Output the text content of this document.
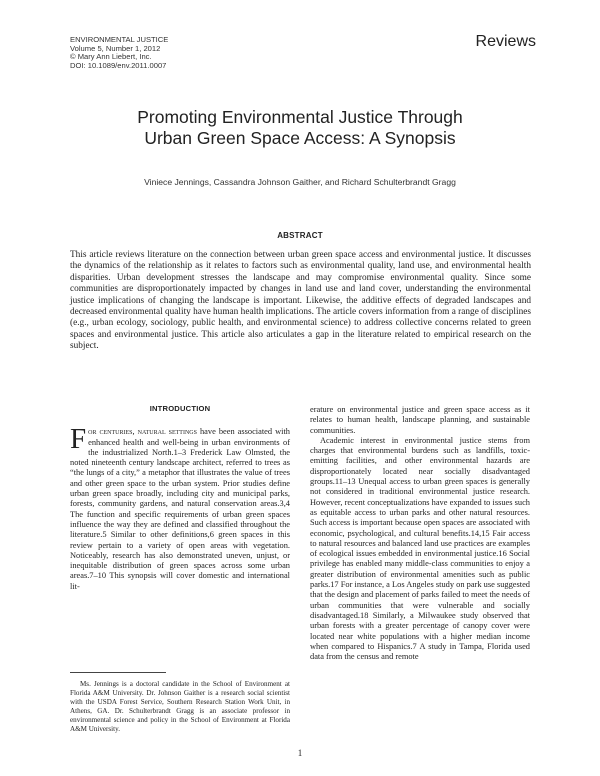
ENVIRONMENTAL JUSTICE
Volume 5, Number 1, 2012
© Mary Ann Liebert, Inc.
DOI: 10.1089/env.2011.0007
Reviews
Promoting Environmental Justice Through
Urban Green Space Access: A Synopsis
Viniece Jennings, Cassandra Johnson Gaither, and Richard Schulterbrandt Gragg
ABSTRACT

This article reviews literature on the connection between urban green space access and environmental justice. It discusses the dynamics of the relationship as it relates to factors such as environmental quality, land use, and environmental health disparities. Urban development stresses the landscape and may compromise environmental quality. Since some communities are disproportionately impacted by changes in land use and land cover, understanding the environmental justice implications of changing the landscape is important. Likewise, the additive effects of degraded landscapes and decreased environmental quality have human health implications. The article covers information from a range of disciplines (e.g., urban ecology, sociology, public health, and environmental science) to address collective concerns related to green spaces and environmental justice. This article also articulates a gap in the literature related to empirical research on the subject.

INTRODUCTION

For centuries, natural settings have been associated with enhanced health and well-being in urban environments of the industrialized North.1–3 Frederick Law Olmsted, the noted nineteenth century landscape architect, referred to trees as “the lungs of a city,” a metaphor that illustrates the value of trees and other green space to the urban system. Prior studies define urban green space broadly, including city and municipal parks, forests, community gardens, and natural conservation areas.3,4 The function and specific requirements of urban green spaces influence the way they are defined and classified throughout the literature.5 Similar to other definitions,6 green spaces in this review pertain to a variety of open areas with vegetation. Noticeably, research has also demonstrated uneven, unjust, or inequitable distribution of green spaces across some urban areas.7–10 This synopsis will cover domestic and international lit-

erature on environmental justice and green space access as it relates to human health, landscape planning, and sustainable communities.

Academic interest in environmental justice stems from charges that environmental burdens such as landfills, toxic-emitting facilities, and other environmental hazards are disproportionately located near socially disadvantaged groups.11–13 Unequal access to urban green spaces is generally not considered in traditional environmental justice research. However, recent conceptualizations have expanded to issues such as equitable access to urban parks and other natural resources. Such access is important because open spaces are associated with economic, psychological, and cultural benefits.14,15 Fair access to natural resources and balanced land use practices are examples of ecological issues embedded in environmental justice.16 Social privilege has enabled many middle-class communities to enjoy a greater distribution of environmental amenities such as public parks.17 For instance, a Los Angeles study on park use suggested that the design and placement of parks failed to meet the needs of urban communities that were vulnerable and socially disadvantaged.18 Similarly, a Milwaukee study observed that urban forests with a greater percentage of canopy cover were located near white populations with a higher median income when compared to Hispanics.7 A study in Tampa, Florida used data from the census and remote

Ms. Jennings is a doctoral candidate in the School of Environment at Florida A&M University. Dr. Johnson Gaither is a research social scientist with the USDA Forest Service, Southern Research Station Work Unit, in Athens, GA. Dr. Schulterbrandt Gragg is an associate professor in environmental science and policy in the School of Environment at Florida A&M University.

1
